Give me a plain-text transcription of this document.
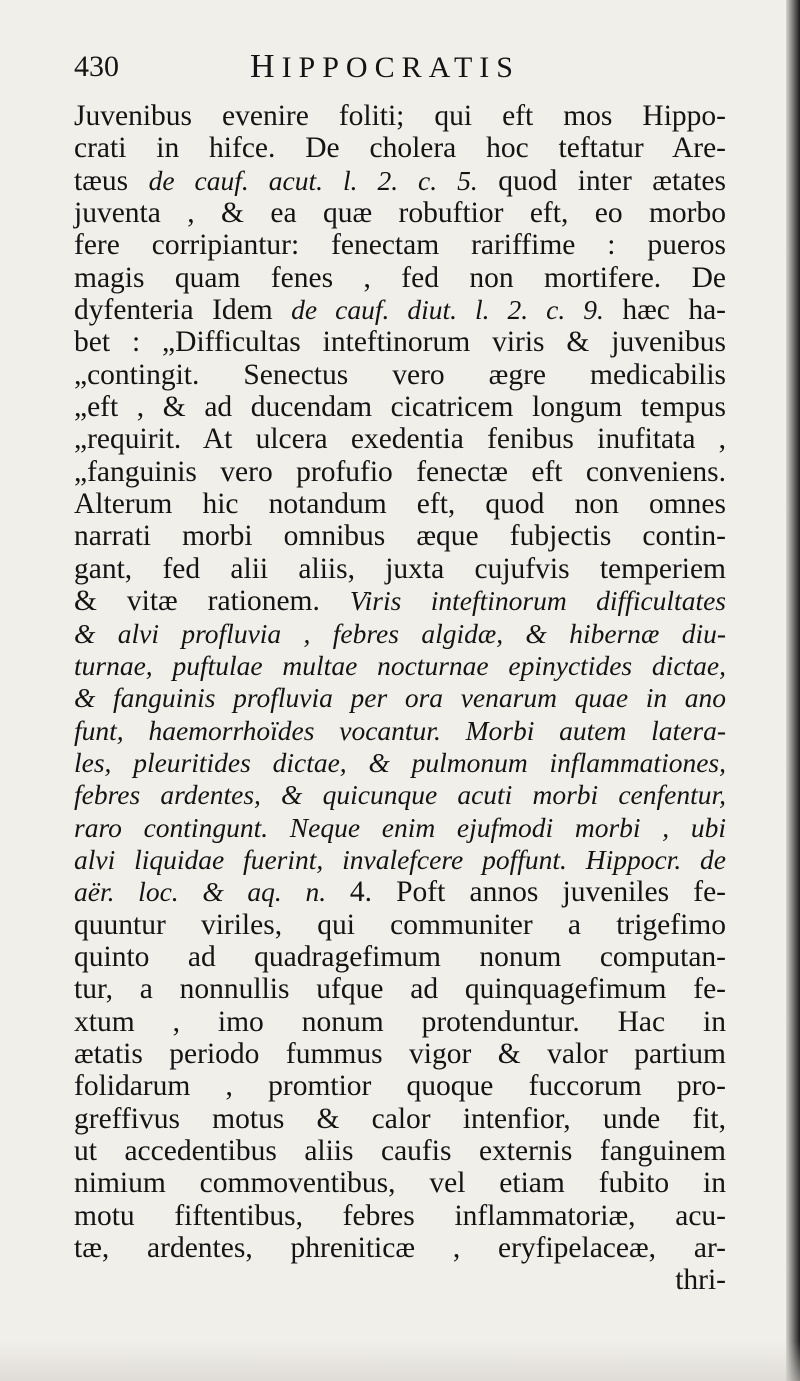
430	HIPPOCRATIS
Juvenibus evenire foliti; qui eft mos Hippo-
crati in hifce. De cholera hoc teftatur Are-
tæus de cauf. acut. l. 2. c. 5. quod inter ætates
juventa , & ea quæ robuftior eft, eo morbo
fere corripiantur: fenectam rariffime : pueros
magis quam fenes , fed non mortifere. De
dyfenteria Idem de cauf. diut. l. 2. c. 9. hæc ha-
bet : „Difficultas inteftinorum viris & juvenibus
„contingit. Senectus vero ægre medicabilis
„eft , & ad ducendam cicatricem longum tempus
„requirit. At ulcera exedentia fenibus inufitata ,
„fanguinis vero profufio fenectæ eft conveniens.
Alterum hic notandum eft, quod non omnes
narrati morbi omnibus æque fubjectis contin-
gant, fed alii aliis, juxta cujufvis temperiem
& vitæ rationem. Viris inteftinorum difficultates
& alvi profluvia , febres algidæ, & hibernæ diu-
turnae, puftulae multae nocturnae epinyctides dictae,
& fanguinis profluvia per ora venarum quae in ano
funt, haemorrhoïdes vocantur. Morbi autem latera-
les, pleuritides dictae, & pulmonum inflammationes,
febres ardentes, & quicunque acuti morbi cenfentur,
raro contingunt. Neque enim ejufmodi morbi , ubi
alvi liquidae fuerint, invalefcere poffunt. Hippocr. de
aër. loc. & aq. n. 4. Poft annos juveniles fe-
quuntur viriles, qui communiter a trigefimo
quinto ad quadragefimum nonum computan-
tur, a nonnullis ufque ad quinquagefimum fe-
xtum , imo nonum protenduntur. Hac in
ætatis periodo fummus vigor & valor partium
folidarum , promtior quoque fuccorum pro-
greffivus motus & calor intenfior, unde fit,
ut accedentibus aliis caufis externis fanguinem
nimium commoventibus, vel etiam fubito in
motu fiftentibus, febres inflammatoriæ, acu-
tæ, ardentes, phreniticæ , eryfipelaceæ, ar-
thri-
